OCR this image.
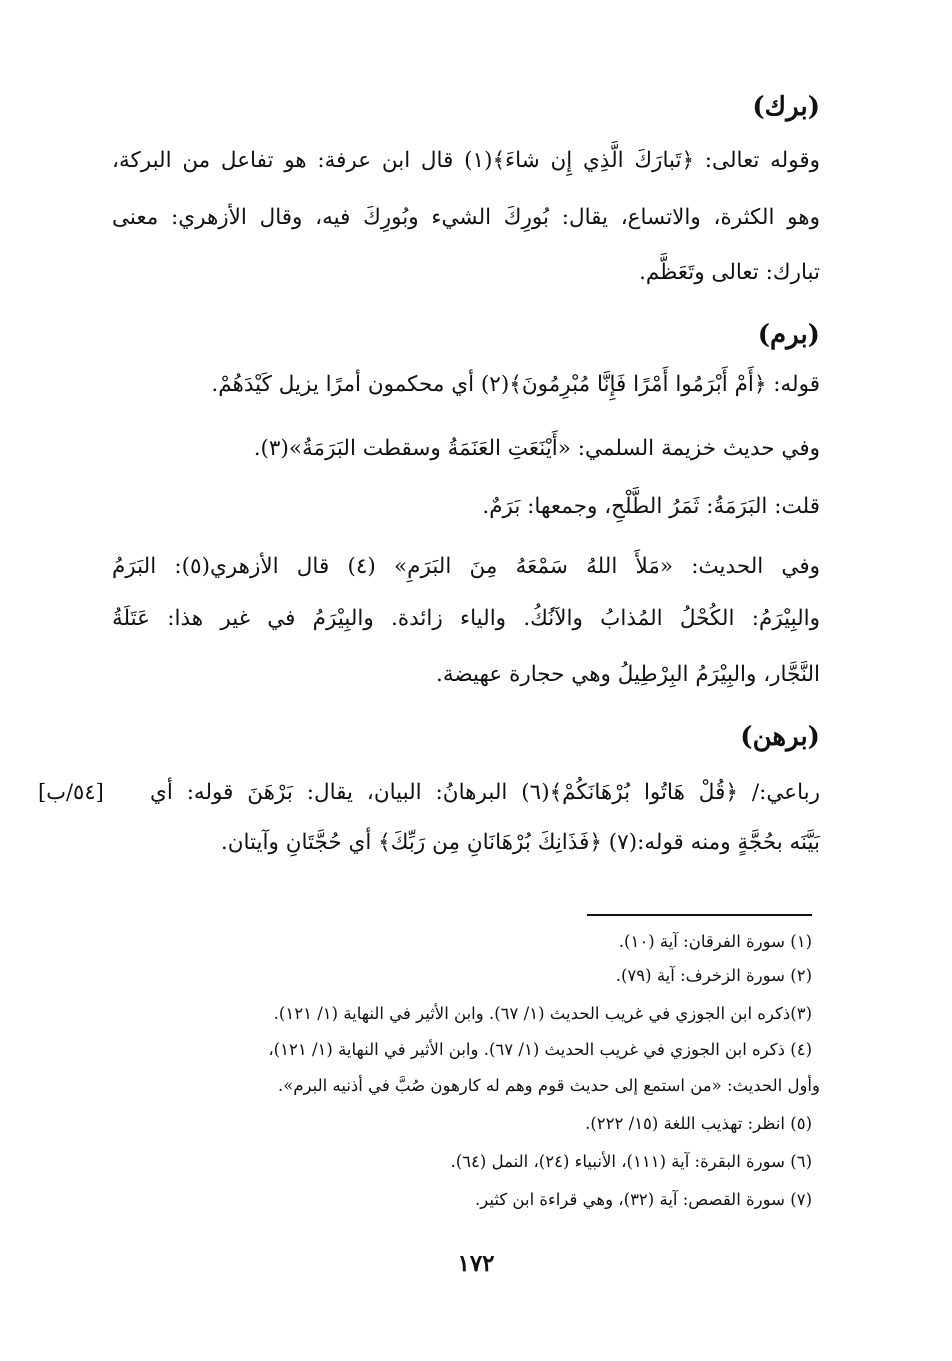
(برك)
وقوله تعالى: ﴿تَبارَكَ الَّذِي إِن شاءَ﴾(١) قال ابن عرفة: هو تفاعل من البركة،
وهو الكثرة، والاتساع، يقال: بُورِكَ الشيء وبُورِكَ فيه، وقال الأزهري: معنى
تبارك: تعالى وتَعَظَّم.
(برم)
قوله: ﴿أَمْ أَبْرَمُوا أَمْرًا فَإِنَّا مُبْرِمُونَ﴾(٢) أي محكمون أمرًا يزيل كَيْدَهُمْ.
وفي حديث خزيمة السلمي: «أَيْنَعَتِ العَنَمَةُ وسقطت البَرَمَةُ»(٣).
قلت: البَرَمَةُ: ثَمَرُ الطَّلْحِ، وجمعها: بَرَمٌ.
وفي الحديث: «مَلأَ اللهُ سَمْعَهُ مِنَ البَرَمِ» (٤) قال الأزهري(٥): البَرَمُ
والبِيْرَمُ: الكُحْلُ المُذابُ والآنُكُ. والياء زائدة. والبِيْرَمُ في غير هذا: عَتَلَةُ
النَّجَّار، والبِيْرَمُ البِرْطِيلُ وهي حجارة عهيضة.
(برهن)
رباعي:/ ﴿قُلْ هَاتُوا بُرْهَانَكُمْ﴾(٦) البرهانُ: البيان، يقال: بَرْهَنَ قوله: أي
بَيَّنَه بحُجَّةٍ ومنه قوله:(٧) ﴿فَذَانِكَ بُرْهَانَانِ مِن رَبِّكَ﴾ أي حُجَّتَانِ وآيتان.
[٥٤/ب]
(١) سورة الفرقان: آية (١٠).
(٢) سورة الزخرف: آية (٧٩).
(٣)ذكره ابن الجوزي في غريب الحديث (١/ ٦٧). وابن الأثير في النهاية (١/ ١٢١).
(٤) ذكره ابن الجوزي في غريب الحديث (١/ ٦٧). وابن الأثير في النهاية (١/ ١٢١)،
وأول الحديث: «من استمع إلى حديث قوم وهم له كارهون صُبَّ في أذنيه البرم».
(٥) انظر: تهذيب اللغة (١٥/ ٢٢٢).
(٦) سورة البقرة: آية (١١١)، الأنبياء (٢٤)، النمل (٦٤).
(٧) سورة القصص: آية (٣٢)، وهي قراءة ابن كثير.
١٧٢
